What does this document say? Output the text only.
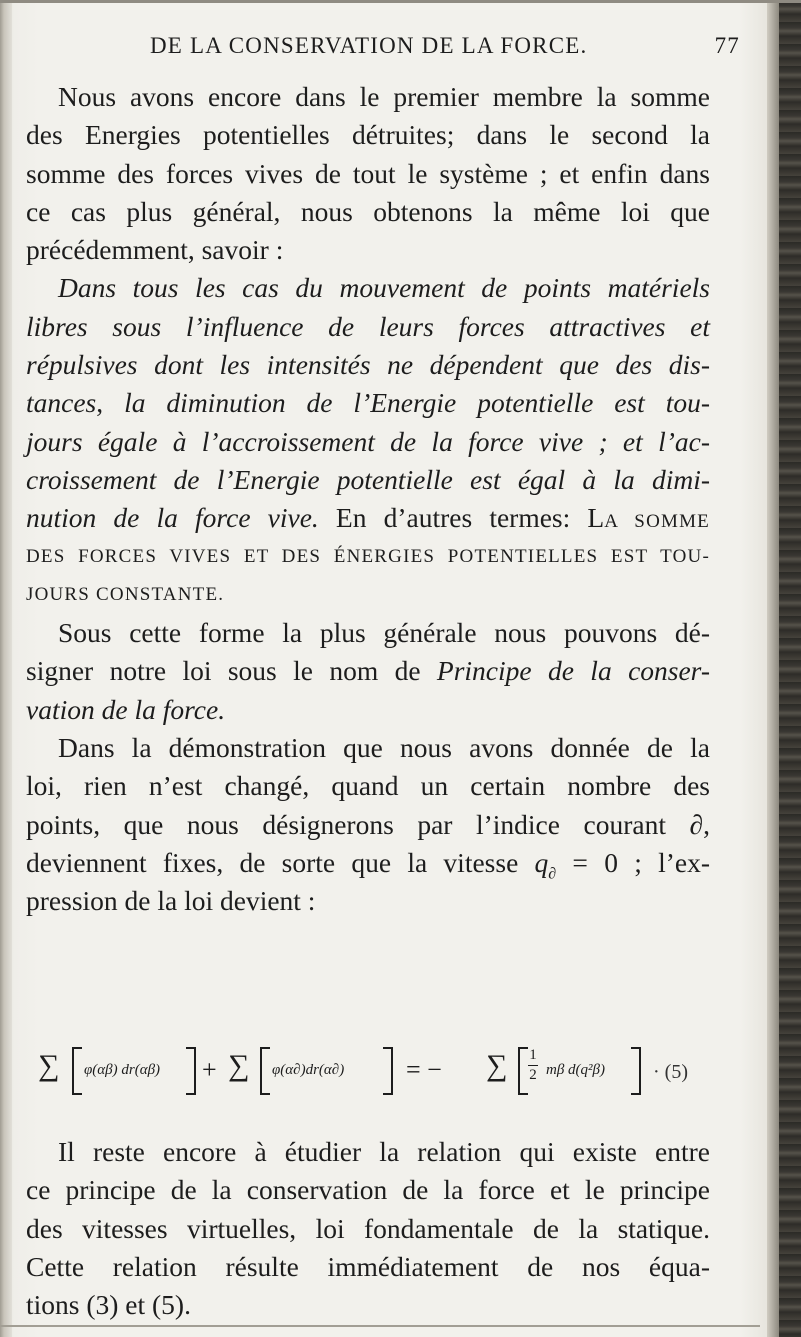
DE LA CONSERVATION DE LA FORCE.	77
Nous avons encore dans le premier membre la somme
des Energies potentielles détruites; dans le second la
somme des forces vives de tout le système ; et enfin dans
ce cas plus général, nous obtenons la même loi que
précédemment, savoir :
Dans tous les cas du mouvement de points matériels
libres sous l’influence de leurs forces attractives et
répulsives dont les intensités ne dépendent que des dis-
tances, la diminution de l’Energie potentielle est tou-
jours égale à l’accroissement de la force vive ; et l’ac-
croissement de l’Energie potentielle est égal à la dimi-
nution de la force vive. En d’autres termes: LA SOMME
DES FORCES VIVES ET DES ÉNERGIES POTENTIELLES EST TOU-
JOURS CONSTANTE.
Sous cette forme la plus générale nous pouvons dé-
signer notre loi sous le nom de Principe de la conser-
vation de la force.
Dans la démonstration que nous avons donnée de la
loi, rien n’est changé, quand un certain nombre des
points, que nous désignerons par l’indice courant ∂,
deviennent fixes, de sorte que la vitesse $q_\partial = 0$ ; l’ex-
pression de la loi devient :
∑ φ(αβ) dr(αβ) + ∑ φ(α∂)dr(α∂) = − ∑ 1
2 mβ d(q²β) · (5)
Il reste encore à étudier la relation qui existe entre
ce principe de la conservation de la force et le principe
des vitesses virtuelles, loi fondamentale de la statique.
Cette relation résulte immédiatement de nos équa-
tions (3) et (5).
